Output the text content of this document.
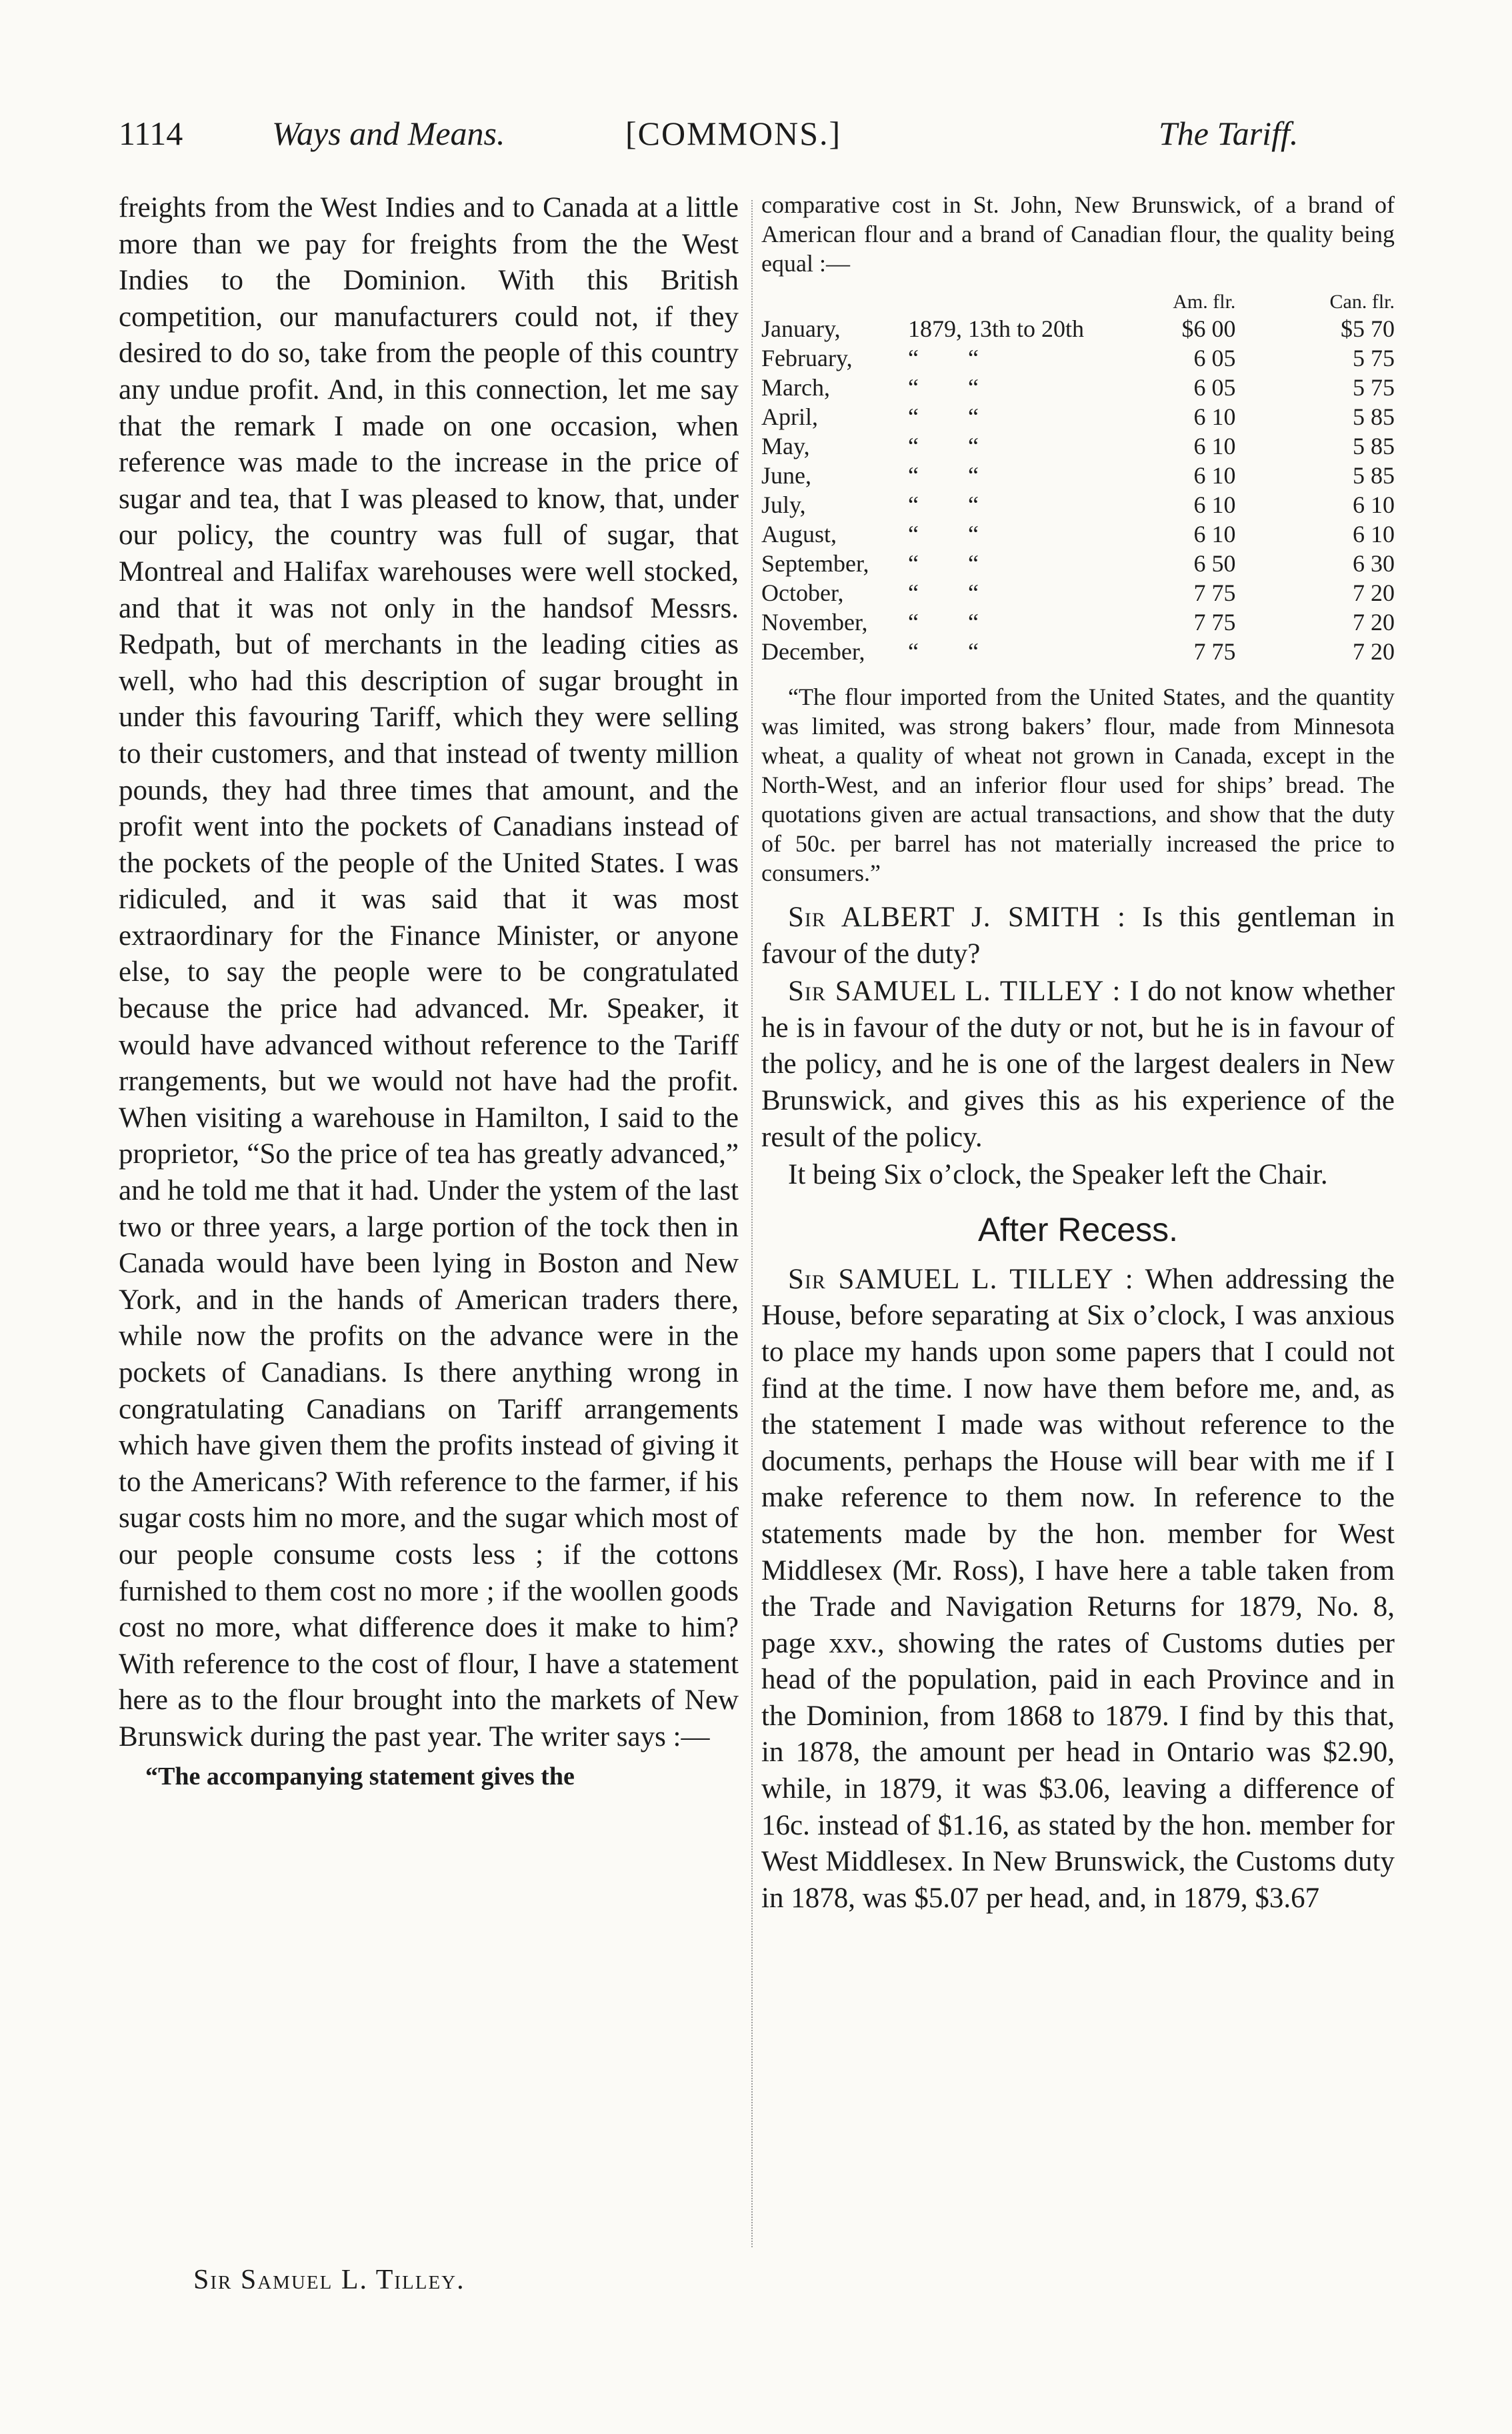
1114	Ways and Means.	[COMMONS.]	The Tariff.

freights from the West Indies and to Canada at a little more than we pay for freights from the the West Indies to the Dominion. With this British competition, our manufacturers could not, if they desired to do so, take from the people of this country any undue profit. And, in this connection, let me say that the remark I made on one occasion, when reference was made to the increase in the price of sugar and tea, that I was pleased to know, that, under our policy, the country was full of sugar, that Montreal and Halifax warehouses were well stocked, and that it was not only in the handsof Messrs. Redpath, but of merchants in the leading cities as well, who had this description of sugar brought in under this favouring Tariff, which they were selling to their customers, and that instead of twenty million pounds, they had three times that amount, and the profit went into the pockets of Canadians instead of the pockets of the people of the United States. I was ridiculed, and it was said that it was most extraordinary for the Finance Minister, or anyone else, to say the people were to be congratulated because the price had advanced. Mr. Speaker, it would have advanced without reference to the Tariff rrangements, but we would not have had the profit. When visiting a warehouse in Hamilton, I said to the proprietor, “So the price of tea has greatly advanced,” and he told me that it had. Under the ystem of the last two or three years, a large portion of the tock then in Canada would have been lying in Boston and New York, and in the hands of American traders there, while now the profits on the advance were in the pockets of Canadians. Is there anything wrong in congratulating Canadians on Tariff arrangements which have given them the profits instead of giving it to the Americans? With reference to the farmer, if his sugar costs him no more, and the sugar which most of our people consume costs less ; if the cottons furnished to them cost no more ; if the woollen goods cost no more, what difference does it make to him? With reference to the cost of flour, I have a statement here as to the flour brought into the markets of New Brunswick during the past year. The writer says :—

“The accompanying statement gives the

Sir Samuel L. Tilley.

comparative cost in St. John, New Brunswick, of a brand of American flour and a brand of Canadian flour, the quality being equal :—

			Am. flr.		Can. flr.
January,	1879,	13th to 20th	$6 00		$5 70
February,	“	“	6 05		5 75
March,	“	“	6 05		5 75
April,	“	“	6 10		5 85
May,	“	“	6 10		5 85
June,	“	“	6 10		5 85
July,	“	“	6 10		6 10
August,	“	“	6 10		6 10
September,	“	“	6 50		6 30
October,	“	“	7 75		7 20
November,	“	“	7 75		7 20
December,	“	“	7 75		7 20

“The flour imported from the United States, and the quantity was limited, was strong bakers’ flour, made from Minnesota wheat, a quality of wheat not grown in Canada, except in the North-West, and an inferior flour used for ships’ bread. The quotations given are actual transactions, and show that the duty of 50c. per barrel has not materially increased the price to consumers.”

Sir ALBERT J. SMITH : Is this gentleman in favour of the duty?

Sir SAMUEL L. TILLEY : I do not know whether he is in favour of the duty or not, but he is in favour of the policy, and he is one of the largest dealers in New Brunswick, and gives this as his experience of the result of the policy.

It being Six o’clock, the Speaker left the Chair.

After Recess.

Sir SAMUEL L. TILLEY : When addressing the House, before separating at Six o’clock, I was anxious to place my hands upon some papers that I could not find at the time. I now have them before me, and, as the statement I made was without reference to the documents, perhaps the House will bear with me if I make reference to them now. In reference to the statements made by the hon. member for West Middlesex (Mr. Ross), I have here a table taken from the Trade and Navigation Returns for 1879, No. 8, page xxv., showing the rates of Customs duties per head of the population, paid in each Province and in the Dominion, from 1868 to 1879. I find by this that, in 1878, the amount per head in Ontario was $2.90, while, in 1879, it was $3.06, leaving a difference of 16c. instead of $1.16, as stated by the hon. member for West Middlesex. In New Brunswick, the Customs duty in 1878, was $5.07 per head, and, in 1879, $3.67
